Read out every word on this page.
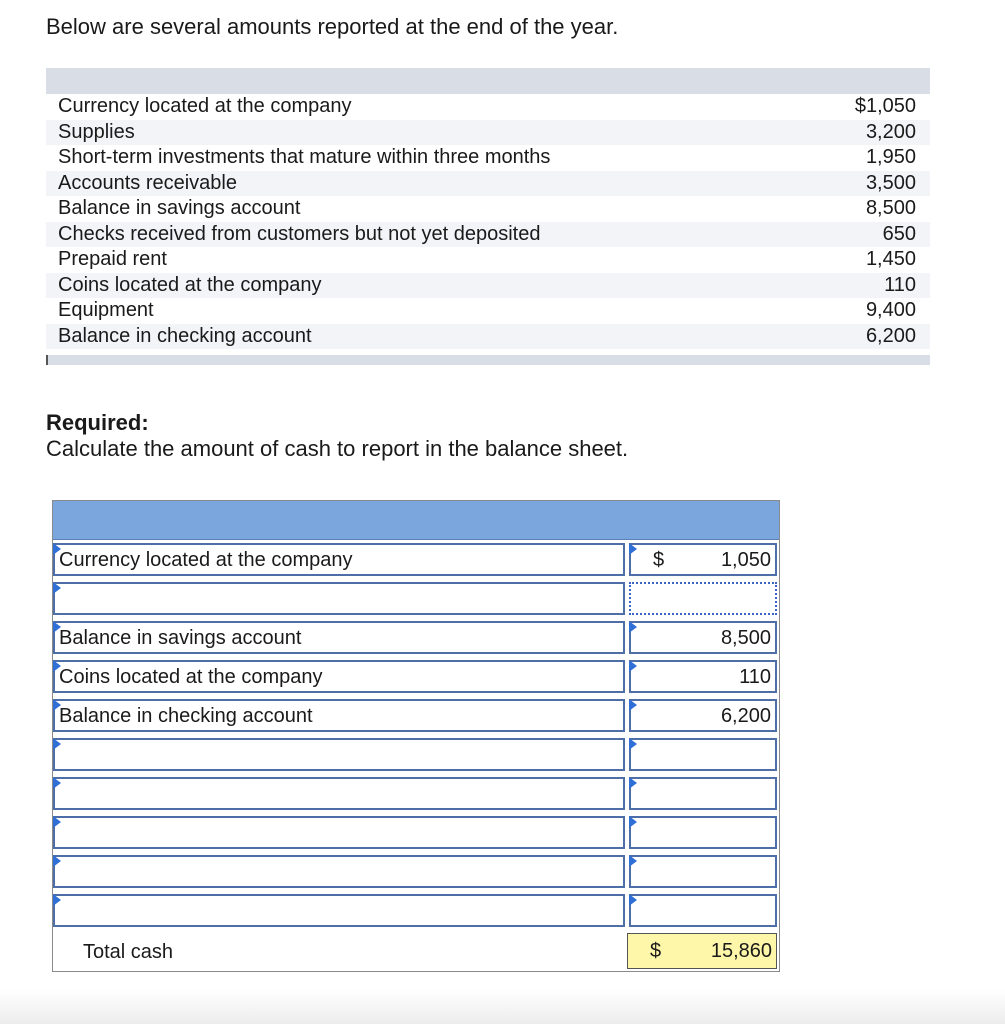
Below are several amounts reported at the end of the year.
Currency located at the company	$1,050
Supplies	3,200
Short-term investments that mature within three months	1,950
Accounts receivable	3,500
Balance in savings account	8,500
Checks received from customers but not yet deposited	650
Prepaid rent	1,450
Coins located at the company	110
Equipment	9,400
Balance in checking account	6,200
Required:
Calculate the amount of cash to report in the balance sheet.
Currency located at the company	$	1,050
Balance in savings account	8,500
Coins located at the company	110
Balance in checking account	6,200
Total cash	$ 15,860
